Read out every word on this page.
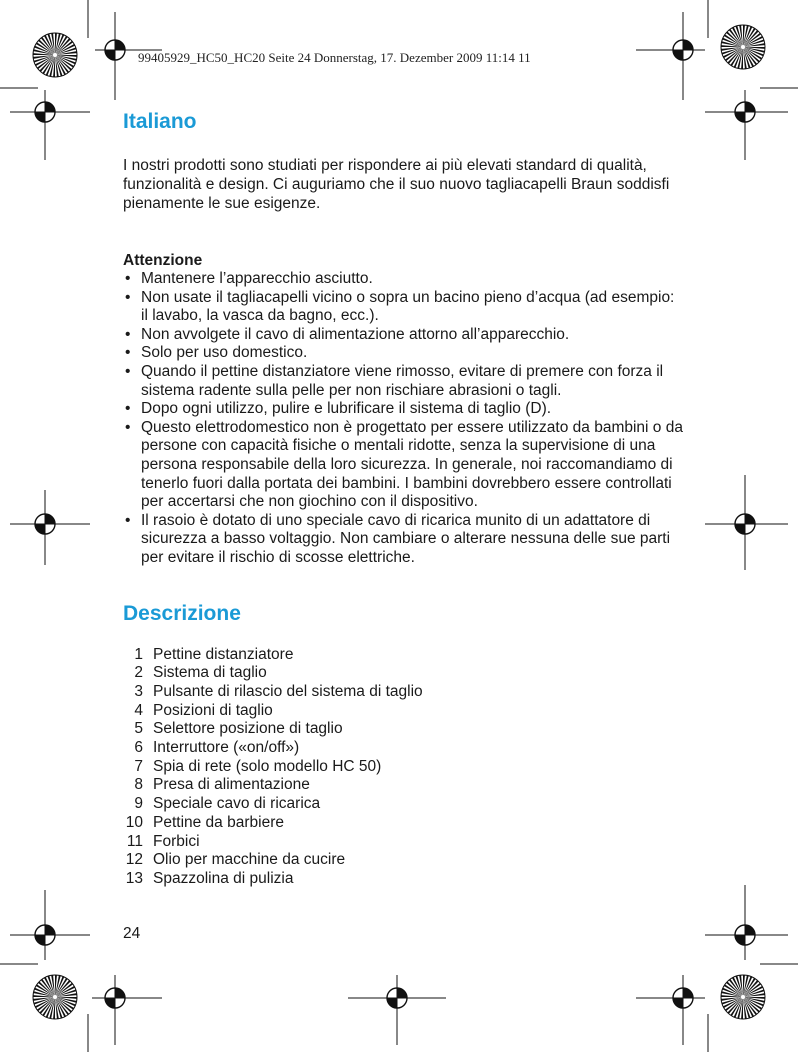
99405929_HC50_HC20 Seite 24 Donnerstag, 17. Dezember 2009 11:14 11
Italiano

I nostri prodotti sono studiati per rispondere ai più elevati standard di qualità, funzionalità e design. Ci auguriamo che il suo nuovo tagliacapelli Braun soddisfi pienamente le sue esigenze.

Attenzione

• Mantenere l’apparecchio asciutto.
• Non usate il tagliacapelli vicino o sopra un bacino pieno d’acqua (ad esempio: il lavabo, la vasca da bagno, ecc.).
• Non avvolgete il cavo di alimentazione attorno all’apparecchio.
• Solo per uso domestico.
• Quando il pettine distanziatore viene rimosso, evitare di premere con forza il sistema radente sulla pelle per non rischiare abrasioni o tagli.
• Dopo ogni utilizzo, pulire e lubrificare il sistema di taglio (D).
• Questo elettrodomestico non è progettato per essere utilizzato da bambini o da persone con capacità fisiche o mentali ridotte, senza la supervisione di una persona responsabile della loro sicurezza. In generale, noi raccomandiamo di tenerlo fuori dalla portata dei bambini. I bambini dovrebbero essere controllati per accertarsi che non giochino con il dispositivo.
• Il rasoio è dotato di uno speciale cavo di ricarica munito di un adattatore di sicurezza a basso voltaggio. Non cambiare o alterare nessuna delle sue parti per evitare il rischio di scosse elettriche.
Descrizione
1 Pettine distanziatore
2 Sistema di taglio
3 Pulsante di rilascio del sistema di taglio
4 Posizioni di taglio
5 Selettore posizione di taglio
6 Interruttore («on/off»)
7 Spia di rete (solo modello HC 50)
8 Presa di alimentazione
9 Speciale cavo di ricarica
10 Pettine da barbiere
11 Forbici
12 Olio per macchine da cucire
13 Spazzolina di pulizia
24
